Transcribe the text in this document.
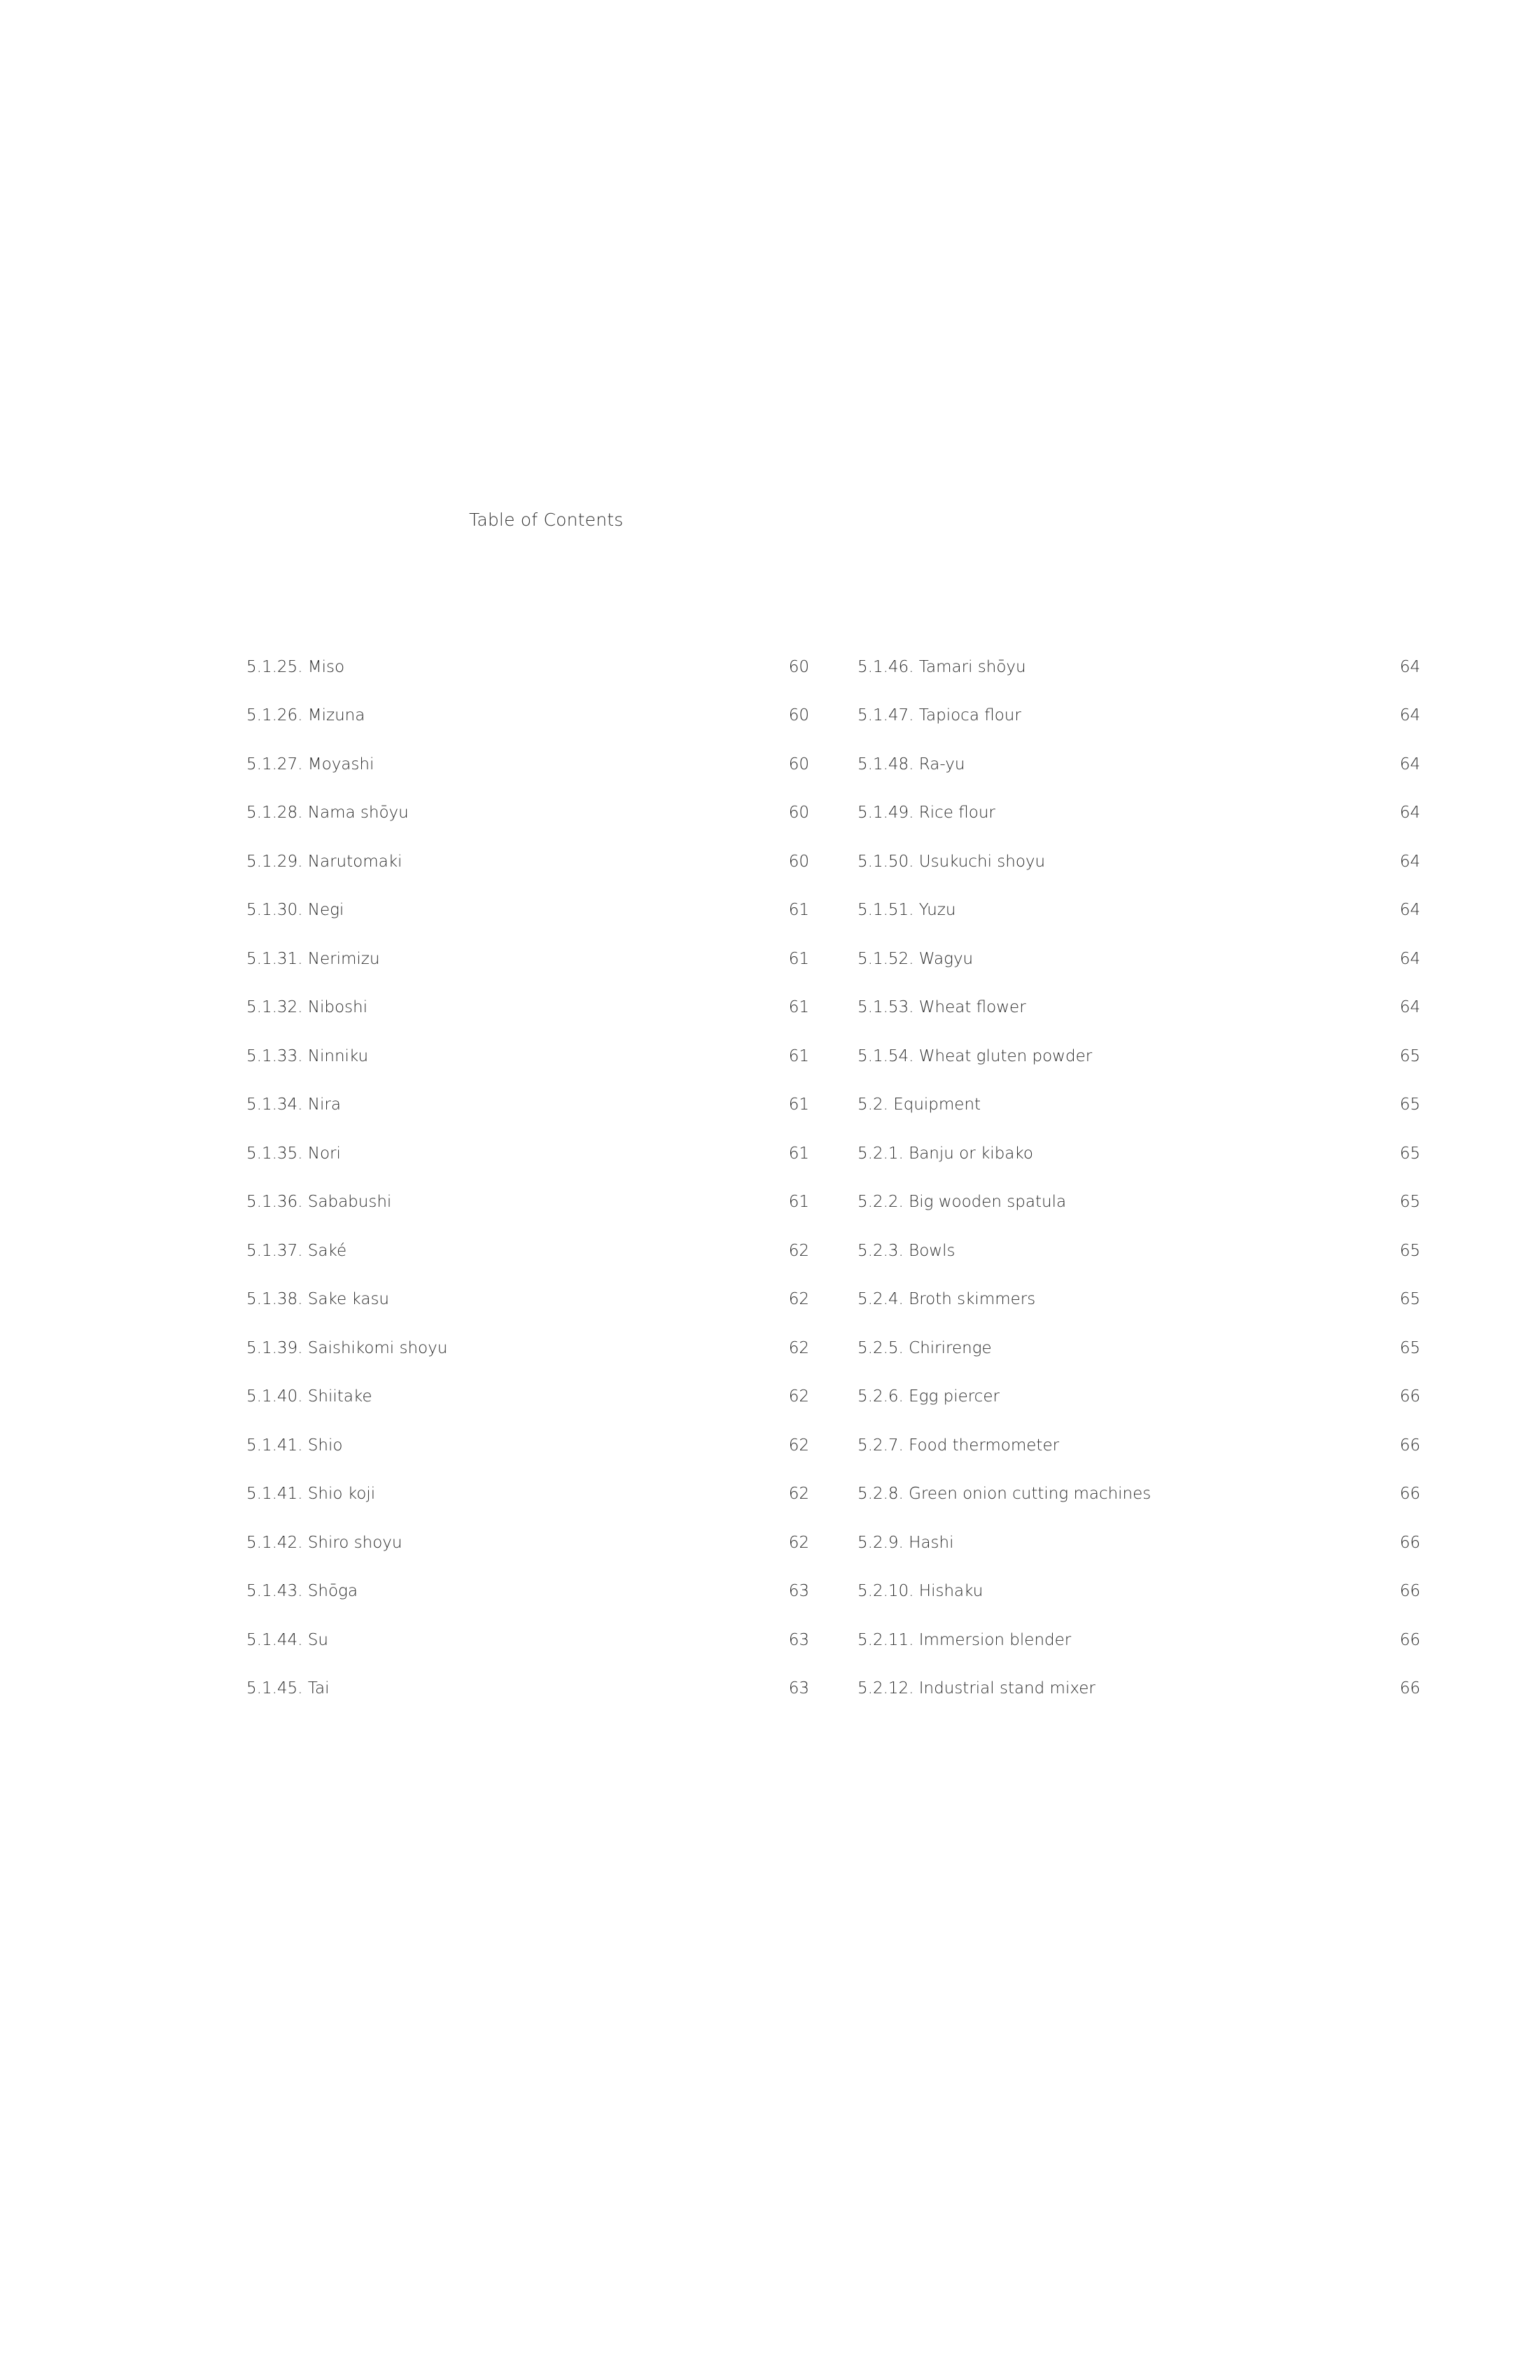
Table of Contents
5.1.25. Miso	60
5.1.26. Mizuna	60
5.1.27. Moyashi	60
5.1.28. Nama shōyu	60
5.1.29. Narutomaki	60
5.1.30. Negi	61
5.1.31. Nerimizu	61
5.1.32. Niboshi	61
5.1.33. Ninniku	61
5.1.34. Nira	61
5.1.35. Nori	61
5.1.36. Sababushi	61
5.1.37. Saké	62
5.1.38. Sake kasu	62
5.1.39. Saishikomi shoyu	62
5.1.40. Shiitake	62
5.1.41. Shio	62
5.1.41. Shio koji	62
5.1.42. Shiro shoyu	62
5.1.43. Shōga	63
5.1.44. Su	63
5.1.45. Tai	63
5.1.46. Tamari shōyu	64
5.1.47. Tapioca flour	64
5.1.48. Ra-yu	64
5.1.49. Rice flour	64
5.1.50. Usukuchi shoyu	64
5.1.51. Yuzu	64
5.1.52. Wagyu	64
5.1.53. Wheat flower	64
5.1.54. Wheat gluten powder	65
5.2. Equipment	65
5.2.1. Banju or kibako	65
5.2.2. Big wooden spatula	65
5.2.3. Bowls	65
5.2.4. Broth skimmers	65
5.2.5. Chirirenge	65
5.2.6. Egg piercer	66
5.2.7. Food thermometer	66
5.2.8. Green onion cutting machines	66
5.2.9. Hashi	66
5.2.10. Hishaku	66
5.2.11. Immersion blender	66
5.2.12. Industrial stand mixer	66
